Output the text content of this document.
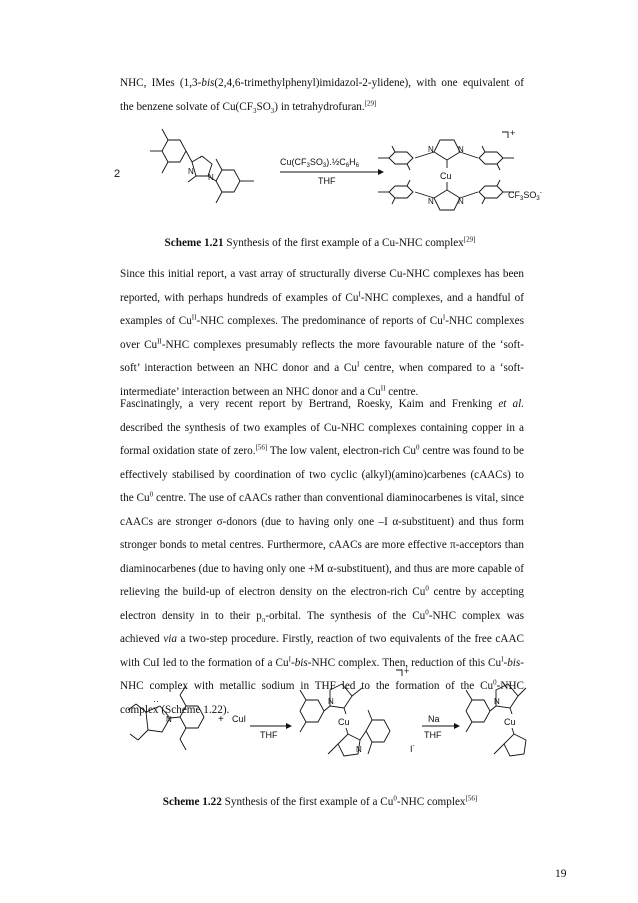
NHC, IMes (1,3-bis(2,4,6-trimethylphenyl)imidazol-2-ylidene), with one equivalent of the benzene solvate of $Cu(CF_3SO_3)$ in tetrahydrofuran.[29]

2	N
N
··	$Cu(CF_3SO_3).\frac{1}{2}C_6H_6$
THF
N	N
N	N
Cu
+
$CF_3SO_3^-$
Scheme 1.21 Synthesis of the first example of a Cu-NHC complex[29]

Since this initial report, a vast array of structurally diverse Cu-NHC complexes has been reported, with perhaps hundreds of examples of $Cu^I$-NHC complexes, and a handful of examples of $Cu^{II}$-NHC complexes. The predominance of reports of $Cu^I$-NHC complexes over $Cu^{II}$-NHC complexes presumably reflects the more favourable nature of the ‘soft-soft’ interaction between an NHC donor and a $Cu^I$ centre, when compared to a ‘soft-intermediate’ interaction between an NHC donor and a $Cu^{II}$ centre.

Fascinatingly, a very recent report by Bertrand, Roesky, Kaim and Frenking et al. described the synthesis of two examples of Cu-NHC complexes containing copper in a formal oxidation state of zero.[56] The low valent, electron-rich Cu$^0$ centre was found to be effectively stabilised by coordination of two cyclic (alkyl)(amino)carbenes (cAACs) to the Cu$^0$ centre. The use of cAACs rather than conventional diaminocarbenes is vital, since cAACs are stronger σ-donors (due to having only one –I α-substituent) and thus form stronger bonds to metal centres. Furthermore, cAACs are more effective π-acceptors than diaminocarbenes (due to having only one +M α-substituent), and thus are more capable of relieving the build-up of electron density on the electron-rich Cu$^0$ centre by accepting electron density in to their $p_\pi$-orbital. The synthesis of the Cu$^0$-NHC complex was achieved via a two-step procedure. Firstly, reaction of two equivalents of the free cAAC with CuI led to the formation of a $Cu^I-bis$-NHC complex. Then, reduction of this $Cu^I-bis$-NHC complex with metallic sodium in THF led to the formation of the Cu$^0$-NHC complex (Scheme 1.22).

N
··
+ CuI
THF
N
N
Cu
+
I-
Na
THF
N
Cu
Scheme 1.22 Synthesis of the first example of a Cu$^0$-NHC complex[56]
19
